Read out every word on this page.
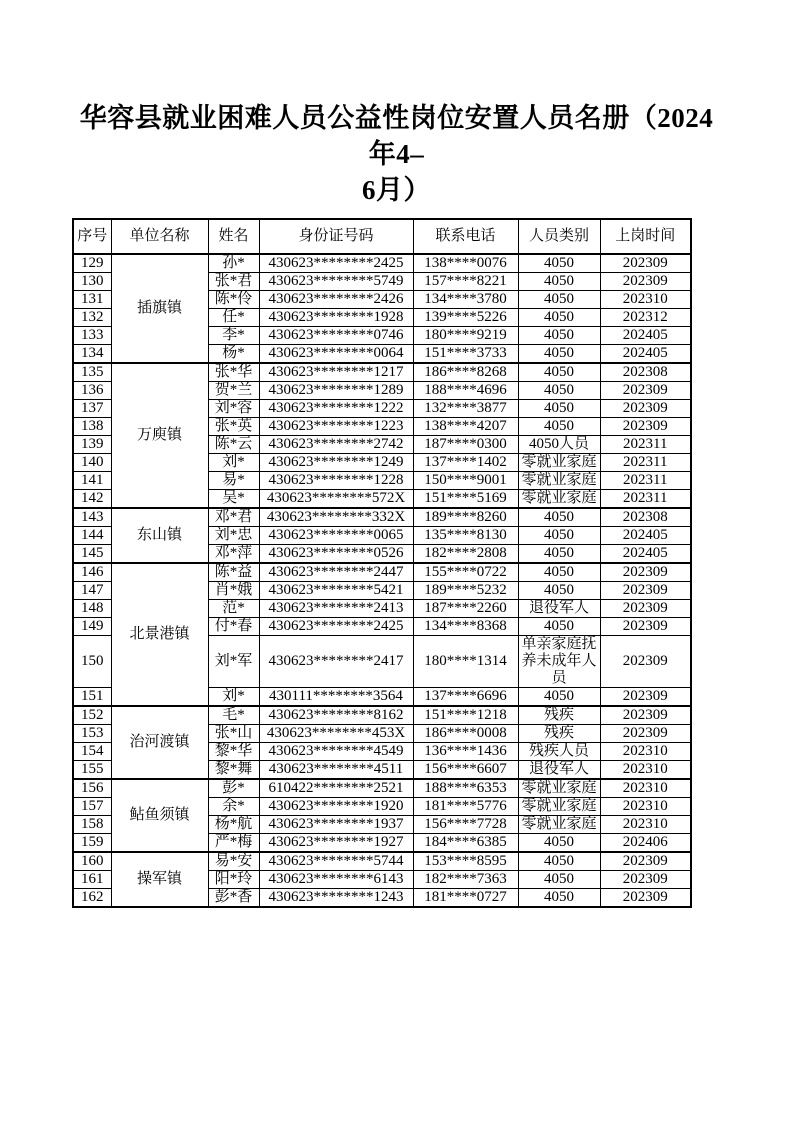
华容县就业困难人员公益性岗位安置人员名册（2024年4–
6月）
序号	单位名称	姓名	身份证号码	联系电话	人员类别	上岗时间
129	插旗镇	孙*	430623********2425	138****0076	4050	202309
130		张*君	430623********5749	157****8221	4050	202309
131		陈*伶	430623********2426	134****3780	4050	202310
132		任*	430623********1928	139****5226	4050	202312
133		李*	430623********0746	180****9219	4050	202405
134		杨*	430623********0064	151****3733	4050	202405
135	万庾镇	张*华	430623********1217	186****8268	4050	202308
136		贺*兰	430623********1289	188****4696	4050	202309
137		刘*容	430623********1222	132****3877	4050	202309
138		张*英	430623********1223	138****4207	4050	202309
139		陈*云	430623********2742	187****0300	4050人员	202311
140		刘*	430623********1249	137****1402	零就业家庭	202311
141		易*	430623********1228	150****9001	零就业家庭	202311
142		吴*	430623********572X	151****5169	零就业家庭	202311
143	东山镇	邓*君	430623********332X	189****8260	4050	202308
144		刘*忠	430623********0065	135****8130	4050	202405
145		邓*萍	430623********0526	182****2808	4050	202405
146	北景港镇	陈*益	430623********2447	155****0722	4050	202309
147		肖*娥	430623********5421	189****5232	4050	202309
148		范*	430623********2413	187****2260	退役军人	202309
149		付*春	430623********2425	134****8368	4050	202309
150		刘*军	430623********2417	180****1314	单亲家庭抚养未成年人员	202309
151		刘*	430111********3564	137****6696	4050	202309
152	治河渡镇	毛*	430623********8162	151****1218	残疾	202309
153		张*山	430623********453X	186****0008	残疾	202309
154		黎*华	430623********4549	136****1436	残疾人员	202310
155		黎*舞	430623********4511	156****6607	退役军人	202310
156	鲇鱼须镇	彭*	610422********2521	188****6353	零就业家庭	202310
157		余*	430623********1920	181****5776	零就业家庭	202310
158		杨*航	430623********1937	156****7728	零就业家庭	202310
159		严*梅	430623********1927	184****6385	4050	202406
160	操军镇	易*安	430623********5744	153****8595	4050	202309
161		阳*玲	430623********6143	182****7363	4050	202309
162		彭*香	430623********1243	181****0727	4050	202309
